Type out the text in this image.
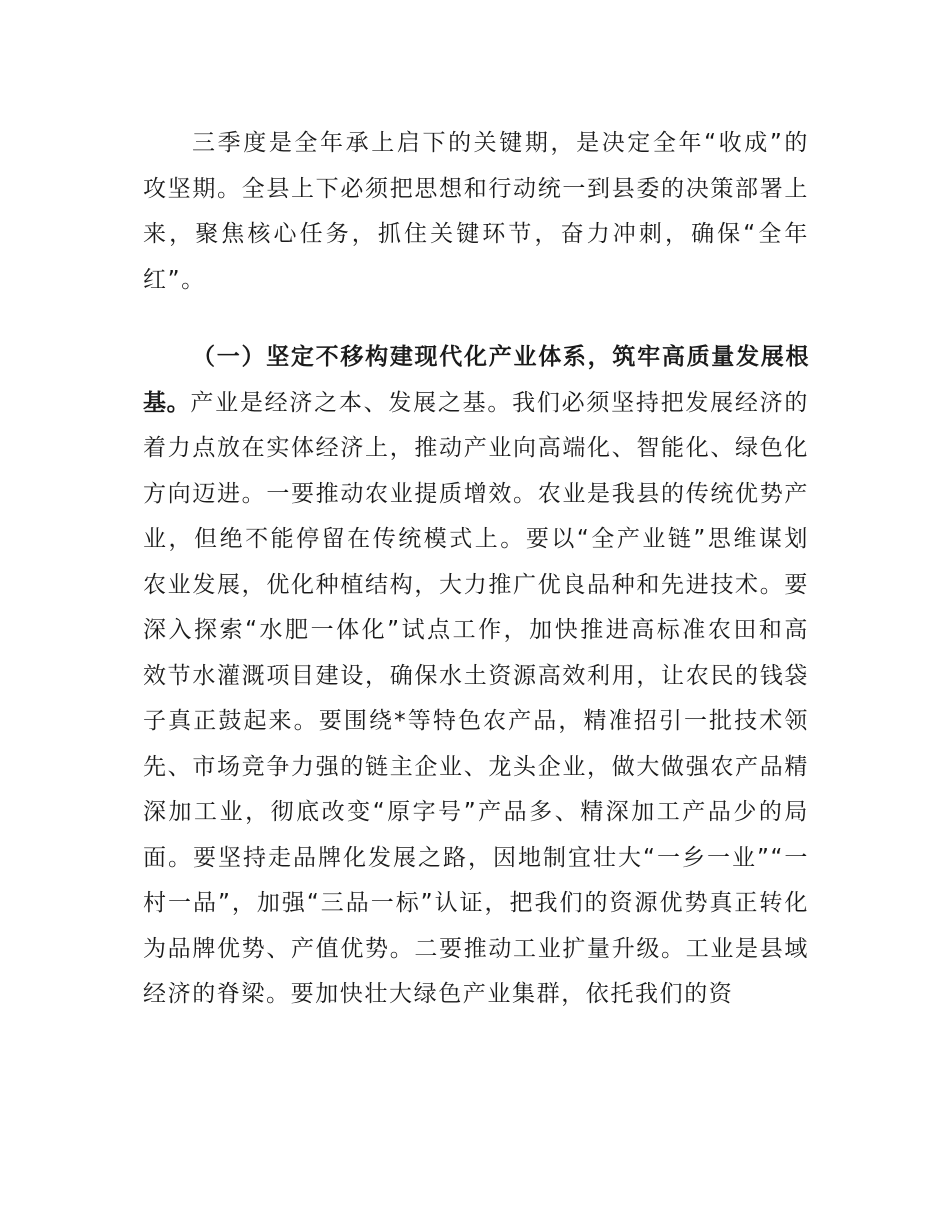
三季度是全年承上启下的关键期，是决定全年“收成”的攻坚期。全县上下必须把思想和行动统一到县委的决策部署上来，聚焦核心任务，抓住关键环节，奋力冲刺，确保“全年红”。

（一）坚定不移构建现代化产业体系，筑牢高质量发展根基。产业是经济之本、发展之基。我们必须坚持把发展经济的着力点放在实体经济上，推动产业向高端化、智能化、绿色化方向迈进。一要推动农业提质增效。农业是我县的传统优势产业，但绝不能停留在传统模式上。要以“全产业链”思维谋划农业发展，优化种植结构，大力推广优良品种和先进技术。要深入探索“水肥一体化”试点工作，加快推进高标准农田和高效节水灌溉项目建设，确保水土资源高效利用，让农民的钱袋子真正鼓起来。要围绕*等特色农产品，精准招引一批技术领先、市场竞争力强的链主企业、龙头企业，做大做强农产品精深加工业，彻底改变“原字号”产品多、精深加工产品少的局面。要坚持走品牌化发展之路，因地制宜壮大“一乡一业”“一村一品”，加强“三品一标”认证，把我们的资源优势真正转化为品牌优势、产值优势。二要推动工业扩量升级。工业是县域经济的脊梁。要加快壮大绿色产业集群，依托我们的资
